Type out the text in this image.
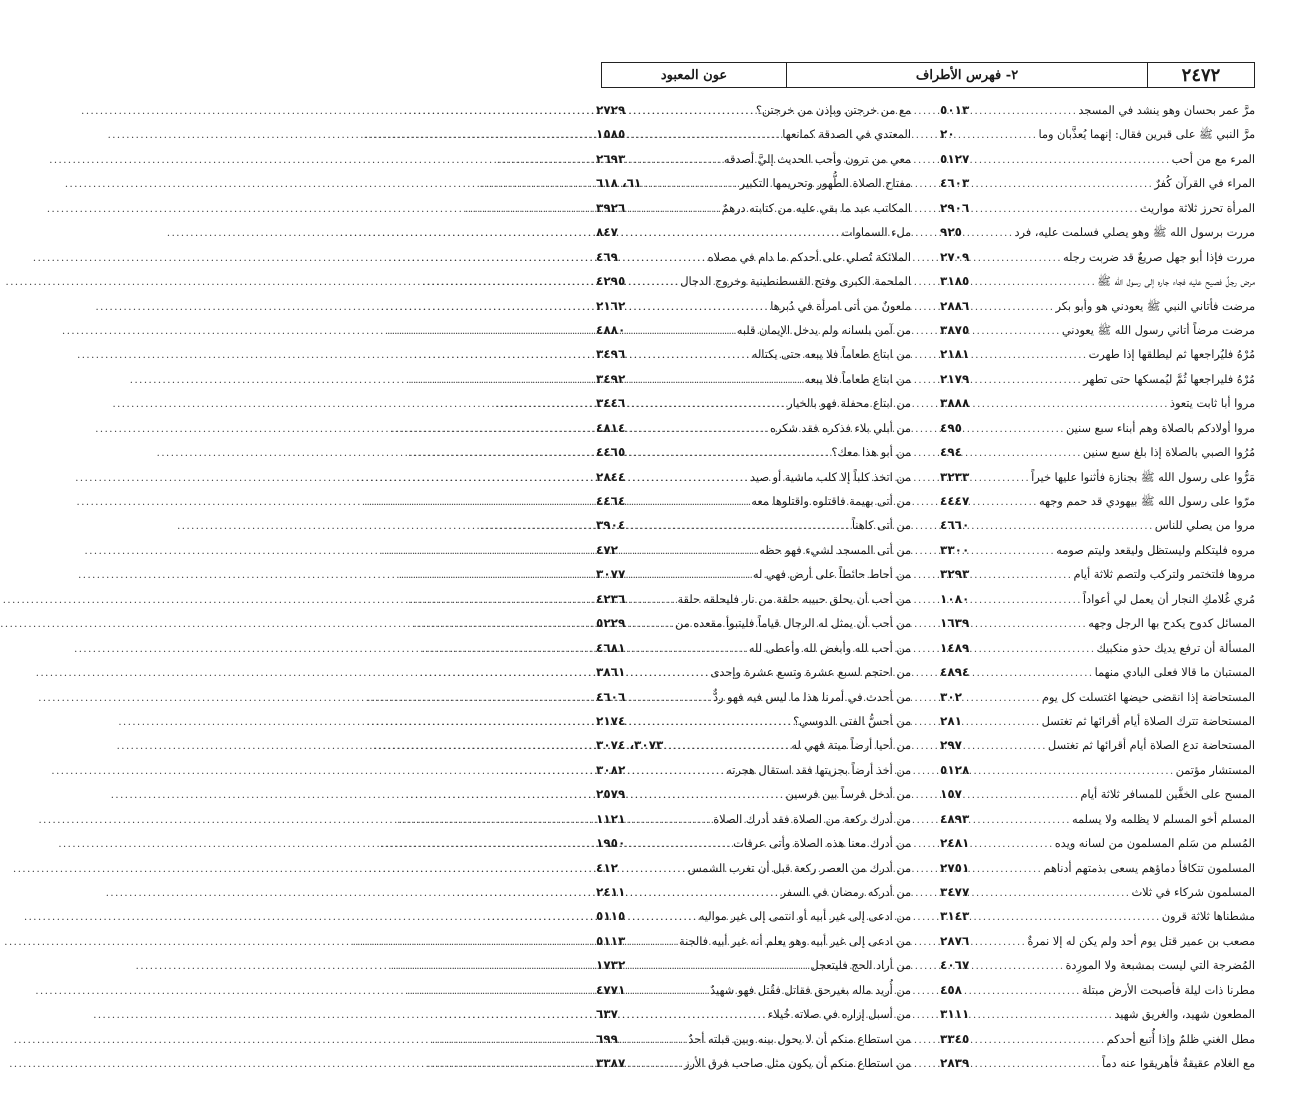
٢٤٧٢
٢- فهرس الأطراف
عون المعبود
مرَّ عمر بحسان وهو ينشد في المسجد
.....
٥٠١٣
مرَّ النبي ﷺ على قبرين فقال: إنهما يُعذَّبان وما
.....
٢٠
المرء مع من أحب
.....
٥١٢٧
المراء في القرآن كُفرٌ
.....
٤٦٠٣
المرأة تحرز ثلاثة مواريث
.....
٢٩٠٦
مررت برسول الله ﷺ وهو يصلي فسلمت عليه، فرد
.....
٩٢٥
مررت فإذا أبو جهل صريعٌ قد ضربت رجله
.....
٢٧٠٩
مرض رجلٌ فصيح عليه فجاء جاره إلى رسول الله ﷺ
.....
٣١٨٥
مرضت فأتاني النبي ﷺ يعودني هو وأبو بكر
.....
٢٨٨٦
مرضت مرضاً أتاني رسول الله ﷺ يعودني
.....
٣٨٧٥
مُرْهُ فليُراجعها ثم ليطلقها إذا طهرت
.....
٢١٨١
مُرْهُ فليراجعها ثُمَّ ليُمسكها حتى تطهر
.....
٢١٧٩
مروا أبا ثابت يتعوذ
.....
٣٨٨٨
مروا أولادكم بالصلاة وهم أبناء سبع سنين
.....
٤٩٥
مُرُوا الصبي بالصلاة إذا بلغ سبع سنين
.....
٤٩٤
مَرُّوا على رسول الله ﷺ بجنازة فأثنوا عليها خيراً
.....
٣٢٣٣
مرّوا على رسول الله ﷺ بيهودي قد حمم وجهه
.....
٤٤٤٧
مروا من يصلي للناس
.....
٤٦٦٠
مروه فليتكلم وليستظل وليقعد وليتم صومه
.....
٣٣٠٠
مروها فلتختمر ولتركب ولتصم ثلاثة أيام
.....
٣٢٩٣
مُري غُلامكِ النجار أن يعمل لي أعواداً
.....
١٠٨٠
المسائل كدوح يكدح بها الرجل وجهه
.....
١٦٣٩
المسألة أن ترفع يديك حذو منكبيك
.....
١٤٨٩
المستبان ما قالا فعلى البادي منهما
.....
٤٨٩٤
المستحاضة إذا انقضى حيضها اغتسلت كل يوم
.....
٣٠٢
المستحاضة تترك الصلاة أيام أقرائها ثم تغتسل
.....
٢٨١
المستحاضة تدع الصلاة أيام أقرائها ثم تغتسل
.....
٢٩٧
المستشار مؤتمن
.....
٥١٢٨
المسح على الخفَّين للمسافر ثلاثة أيام
.....
١٥٧
المسلم أخو المسلم لا يظلمه ولا يسلمه
.....
٤٨٩٣
المُسلم من سَلم المسلمون من لسانه ويده
.....
٢٤٨١
المسلمون تتكافأ دماؤهم يسعى بذمتهم أدناهم
.....
٢٧٥١
المسلمون شركاء في ثلاث
.....
٣٤٧٧
مشطناها ثلاثة قرون
.....
٣١٤٣
مصعب بن عمير قتل يوم أحد ولم يكن له إلا نمرةٌ
.....
٢٨٧٦
المُضرجة التي ليست بمشبعة ولا المورِدة
.....
٤٠٦٧
مطرنا ذات ليلة فأصبحت الأرض مبتلة
.....
٤٥٨
المطعون شهيد، والغريق شهيد
.....
٣١١١
مطل الغني ظلمٌ وإذا أُتبع أحدكم
.....
٣٣٤٥
مع الغلام عقيقةٌ فأهريقوا عنه دماً
.....
٢٨٣٩
مع من خرجتن وبإذن من خرجتن؟
.....
٢٧٢٩
المعتدي في الصدقة كمانعها
.....
١٥٨٥
معي من ترون وأحب الحديث إليَّ أصدقه
.....
٢٦٩٣
مفتاح الصلاة الطُّهور وتحريمها التكبير
.....
٦١، ٦١٨
المكاتب عبد ما بقي عليه من كتابته درهمٌ
.....
٣٩٢٦
ملء السماوات
.....
٨٤٧
الملائكة تُصلي على أحدكم ما دام في مصلاه
.....
٤٦٩
الملحمة الكبرى وفتح القسطنطينية وخروج الدجال
.....
٤٢٩٥
ملعونٌ من أتى امرأة في دُبرها
.....
٢١٦٢
من آمن بلسانه ولم يدخل الإيمان قلبه
.....
٤٨٨٠
من ابتاع طعاماً فلا يبعه حتى يكتاله
.....
٣٤٩٦
من ابتاع طعاماً فلا يبعه
.....
٣٤٩٢
من ابتاع محفلة فهو بالخيار
.....
٣٤٤٦
من أبلي بلاء فذكره فقد شكره
.....
٤٨١٤
من أبو هذا معك؟
.....
٤٤٦٥
من اتخذ كلباً إلا كلب ماشية أو صيد
.....
٢٨٤٤
من أتى بهيمة فاقتلوه واقتلوها معه
.....
٤٤٦٤
من أتى كاهناً
.....
٣٩٠٤
من أتى المسجد لشيء فهو حظه
.....
٤٧٢
من أحاط حائطاً على أرض فهي له
.....
٣٠٧٧
من أحب أن يحلق حبيبه حلقة من نار فليحلقه حلقة
.....
٤٢٣٦
من أحب أن يمثل له الرجال قياماً فليتبوأ مقعده من
.....
٥٢٢٩
من أحب لله وأبغض لله وأعطى لله
.....
٤٦٨١
من احتجم لسبع عشرة وتسع عشرة وإحدى
.....
٣٨٦١
من أحدث في أمرنا هذا ما ليس فيه فهو ردٌّ
.....
٤٦٠٦
من أحسُّ الفتى الدوسي؟
.....
٢١٧٤
من أحيا أرضاً ميتة فهي له
.....
٣٠٧٣، ٣٠٧٤
من أخذ أرضاً بجزيتها فقد استقال هجرته
.....
٣٠٨٢
من أدخل فرساً بين فرسين
.....
٢٥٧٩
من أدرك ركعة من الصلاة فقد أدرك الصلاة
.....
١١٢١
من أدرك معنا هذه الصلاة وأتى عرفات
.....
١٩٥٠
من أدرك من العصر ركعة قبل أن تغرب الشمس
.....
٤١٢
من أدركه رمضان في السفر
.....
٢٤١١
من ادعى إلى غير أبيه أو انتمى إلى غير مواليه
.....
٥١١٥
من ادعى إلى غير أبيه وهو يعلم أنه غير أبيه فالجنة
.....
٥١١٣
من أراد الحج فليتعجل
.....
١٧٣٢
من أُريد ماله بغيرحق فقاتل فقُتل فهو شهيدٌ
.....
٤٧٧١
من أسبل إزاره في صلاته خُيلاء
.....
٦٣٧
من استطاع منكم أن لا يحول بينه وبين قبلته أحدٌ
.....
٦٩٩
من استطاع منكم أن يكون مثل صاحب فرق الأرز
.....
٣٣٨٧
